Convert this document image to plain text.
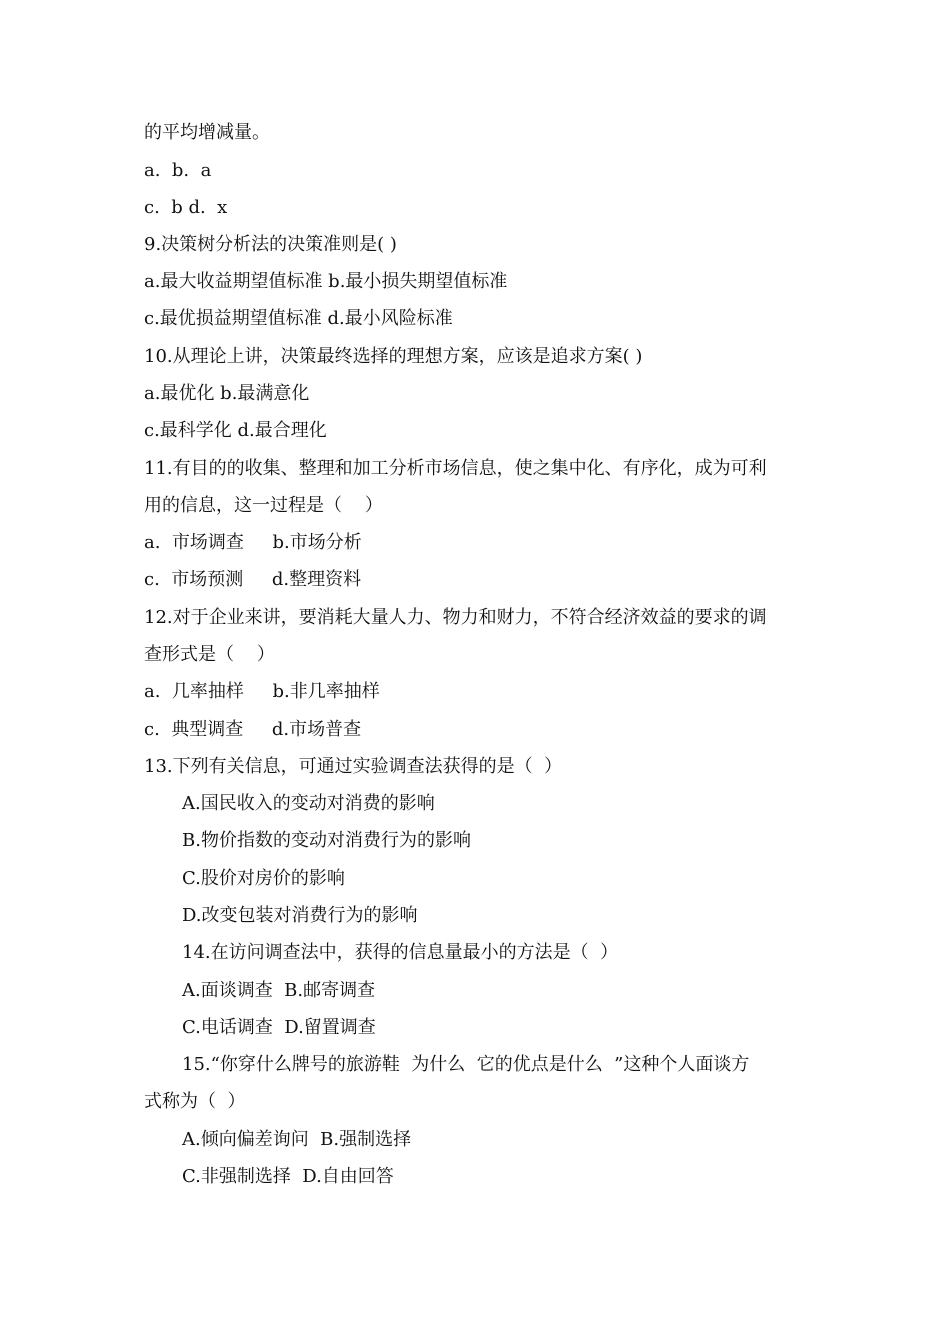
的平均增减量。
a.  b.  a
c.  b d.  x
9.决策树分析法的决策准则是( )
a.最大收益期望值标准 b.最小损失期望值标准
c.最优损益期望值标准 d.最小风险标准
10.从理论上讲，决策最终选择的理想方案，应该是追求方案( )
a.最优化 b.最满意化
c.最科学化 d.最合理化
11.有目的的收集、整理和加工分析市场信息，使之集中化、有序化，成为可利
用的信息，这一过程是（    ）
a.  市场调查     b.市场分析
c.  市场预测     d.整理资料
12.对于企业来讲，要消耗大量人力、物力和财力，不符合经济效益的要求的调
查形式是（    ）
a.  几率抽样     b.非几率抽样
c.  典型调查     d.市场普查
13.下列有关信息，可通过实验调查法获得的是（  ）
A.国民收入的变动对消费的影响
B.物价指数的变动对消费行为的影响
C.股价对房价的影响
D.改变包装对消费行为的影响
14.在访问调查法中，获得的信息量最小的方法是（  ）
A.面谈调查  B.邮寄调查
C.电话调查  D.留置调查
15.“你穿什么牌号的旅游鞋  为什么  它的优点是什么  ”这种个人面谈方
式称为（  ）
A.倾向偏差询问  B.强制选择
C.非强制选择  D.自由回答
